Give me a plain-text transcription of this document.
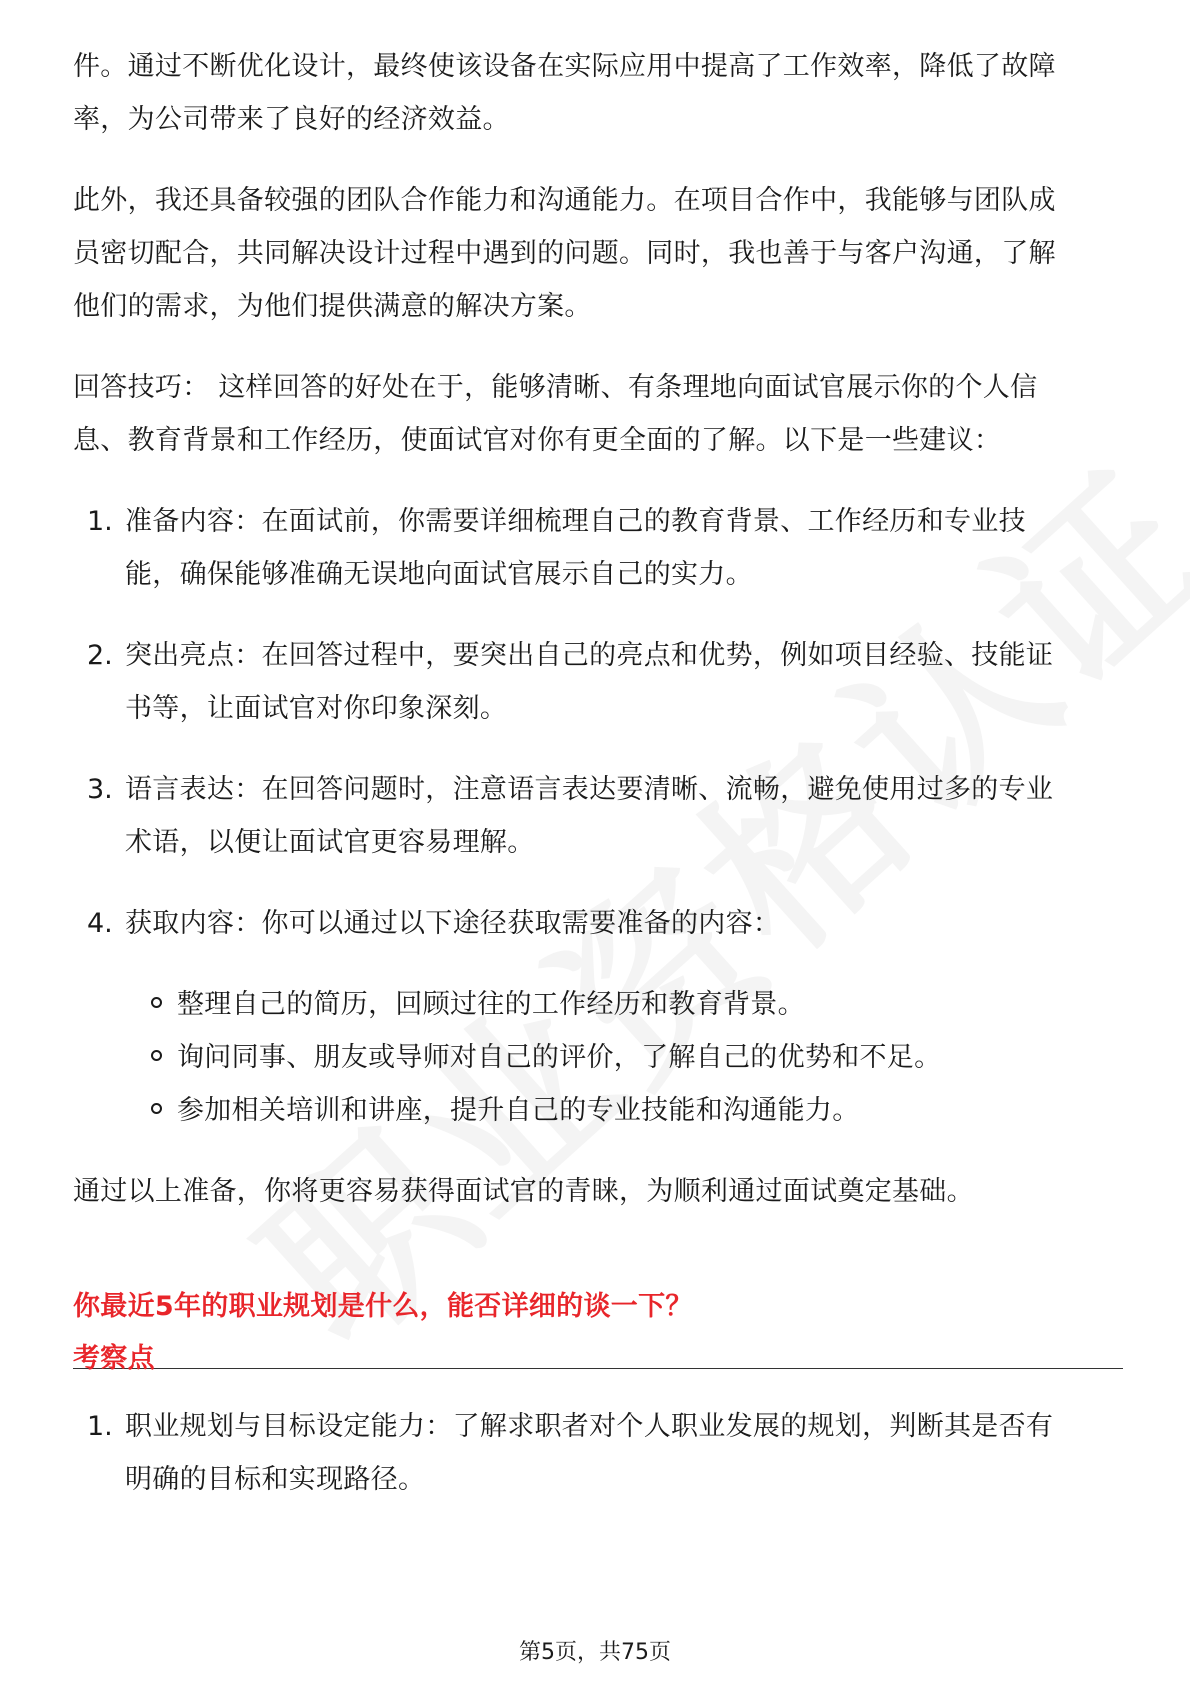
件。通过不断优化设计，最终使该设备在实际应用中提高了工作效率，降低了故障
率，为公司带来了良好的经济效益。
此外，我还具备较强的团队合作能力和沟通能力。在项目合作中，我能够与团队成
员密切配合，共同解决设计过程中遇到的问题。同时，我也善于与客户沟通，了解
他们的需求，为他们提供满意的解决方案。
回答技巧： 这样回答的好处在于，能够清晰、有条理地向面试官展示你的个人信
息、教育背景和工作经历，使面试官对你有更全面的了解。以下是一些建议：
1. 准备内容：在面试前，你需要详细梳理自己的教育背景、工作经历和专业技
能，确保能够准确无误地向面试官展示自己的实力。
2. 突出亮点：在回答过程中，要突出自己的亮点和优势，例如项目经验、技能证
书等，让面试官对你印象深刻。
3. 语言表达：在回答问题时，注意语言表达要清晰、流畅，避免使用过多的专业
术语，以便让面试官更容易理解。
4. 获取内容：你可以通过以下途径获取需要准备的内容：
整理自己的简历，回顾过往的工作经历和教育背景。
询问同事、朋友或导师对自己的评价，了解自己的优势和不足。
参加相关培训和讲座，提升自己的专业技能和沟通能力。
通过以上准备，你将更容易获得面试官的青睐，为顺利通过面试奠定基础。
你最近5年的职业规划是什么，能否详细的谈一下？
考察点
1. 职业规划与目标设定能力：了解求职者对个人职业发展的规划，判断其是否有
明确的目标和实现路径。
第5页，共75页
